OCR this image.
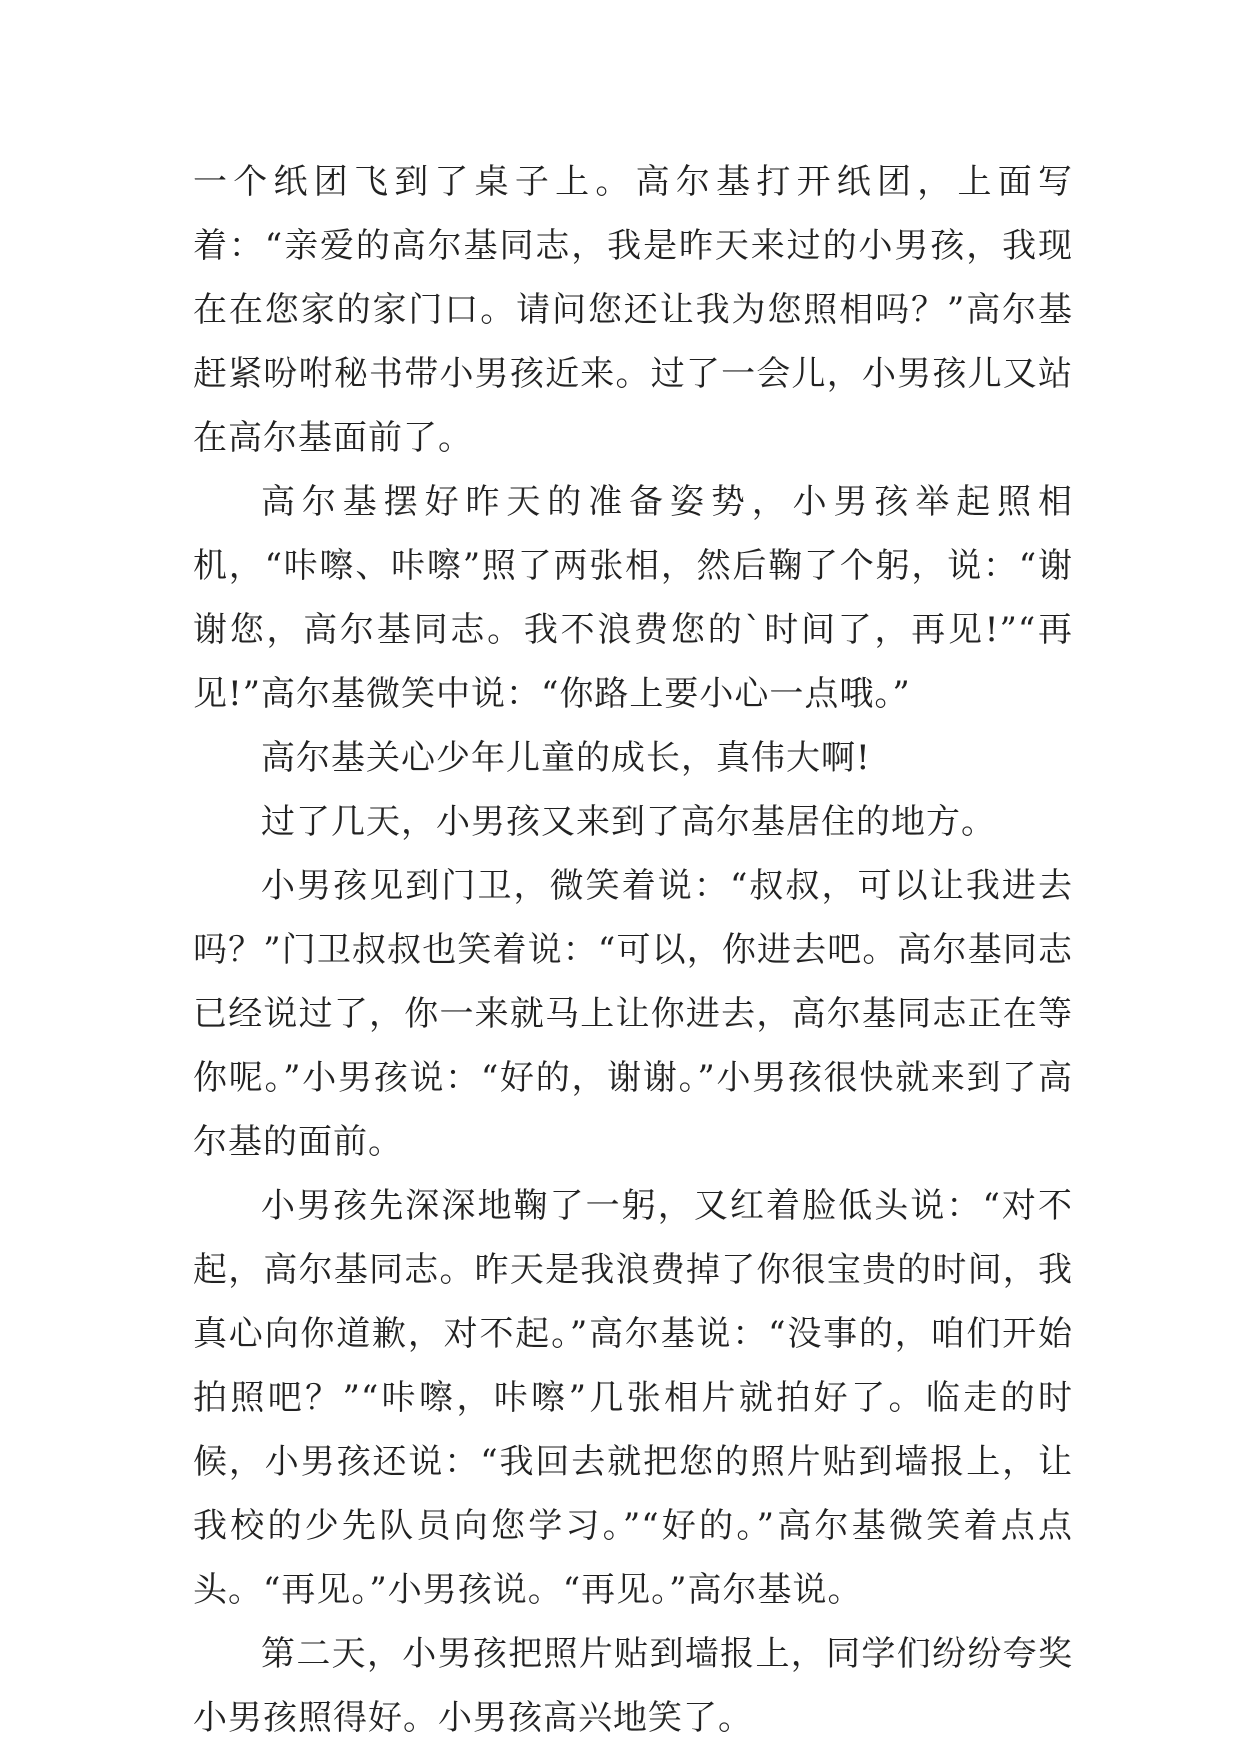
一个纸团飞到了桌子上。高尔基打开纸团，上面写着：“亲爱的高尔基同志，我是昨天来过的小男孩，我现在在您家的家门口。请问您还让我为您照相吗？”高尔基赶紧吩咐秘书带小男孩近来。过了一会儿，小男孩儿又站在高尔基面前了。

高尔基摆好昨天的准备姿势，小男孩举起照相机，“咔嚓、咔嚓”照了两张相，然后鞠了个躬，说：“谢谢您，高尔基同志。我不浪费您的`时间了，再见!”“再见!”高尔基微笑中说：“你路上要小心一点哦。”

高尔基关心少年儿童的成长，真伟大啊!

过了几天，小男孩又来到了高尔基居住的地方。

小男孩见到门卫，微笑着说：“叔叔，可以让我进去吗？”门卫叔叔也笑着说：“可以，你进去吧。高尔基同志已经说过了，你一来就马上让你进去，高尔基同志正在等你呢。”小男孩说：“好的，谢谢。”小男孩很快就来到了高尔基的面前。

小男孩先深深地鞠了一躬，又红着脸低头说：“对不起，高尔基同志。昨天是我浪费掉了你很宝贵的时间，我真心向你道歉，对不起。”高尔基说：“没事的，咱们开始拍照吧？”“咔嚓，咔嚓”几张相片就拍好了。临走的时候，小男孩还说：“我回去就把您的照片贴到墙报上，让我校的少先队员向您学习。”“好的。”高尔基微笑着点点头。“再见。”小男孩说。“再见。”高尔基说。

第二天，小男孩把照片贴到墙报上，同学们纷纷夸奖小男孩照得好。小男孩高兴地笑了。
